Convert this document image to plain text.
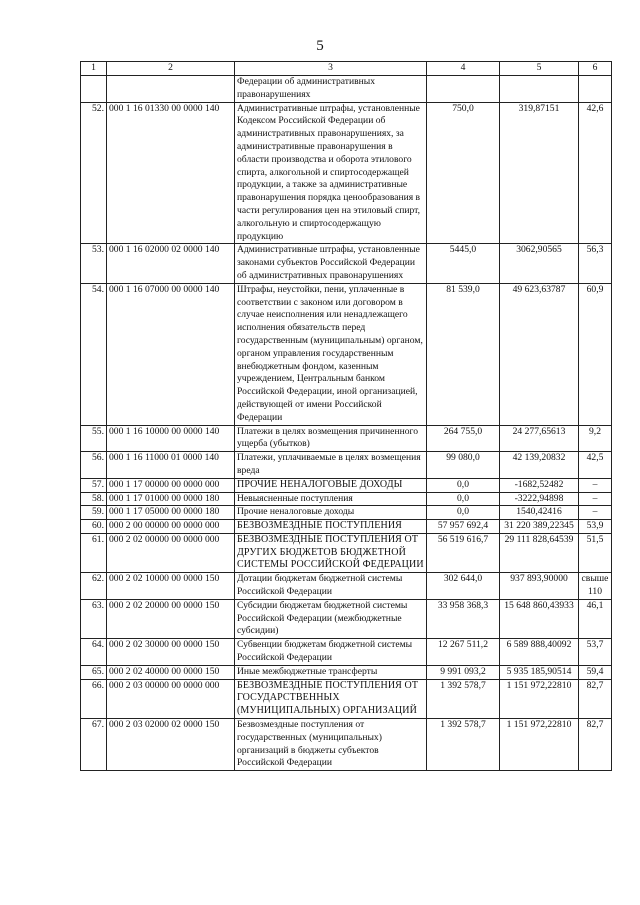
5
1	2	3	4	5	6
		Федерации об административных правонарушениях			
52.	000 1 16 01330 00 0000 140	Административные штрафы, установленные Кодексом Российской Федерации об административных правонарушениях, за административные правонарушения в области производства и оборота этилового спирта, алкогольной и спиртосодержащей продукции, а также за административные правонарушения порядка ценообразования в части регулирования цен на этиловый спирт, алкогольную и спиртосодержащую продукцию	750,0	319,87151	42,6
53.	000 1 16 02000 02 0000 140	Административные штрафы, установленные законами субъектов Российской Федерации об административных правонарушениях	5445,0	3062,90565	56,3
54.	000 1 16 07000 00 0000 140	Штрафы, неустойки, пени, уплаченные в соответствии с законом или договором в случае неисполнения или ненадлежащего исполнения обязательств перед государственным (муниципальным) органом, органом управления государственным внебюджетным фондом, казенным учреждением, Центральным банком Российской Федерации, иной организацией, действующей от имени Российской Федерации	81 539,0	49 623,63787	60,9
55.	000 1 16 10000 00 0000 140	Платежи в целях возмещения причиненного ущерба (убытков)	264 755,0	24 277,65613	9,2
56.	000 1 16 11000 01 0000 140	Платежи, уплачиваемые в целях возмещения вреда	99 080,0	42 139,20832	42,5
57.	000 1 17 00000 00 0000 000	ПРОЧИЕ НЕНАЛОГОВЫЕ ДОХОДЫ	0,0	-1682,52482	–
58.	000 1 17 01000 00 0000 180	Невыясненные поступления	0,0	-3222,94898	–
59.	000 1 17 05000 00 0000 180	Прочие неналоговые доходы	0,0	1540,42416	–
60.	000 2 00 00000 00 0000 000	БЕЗВОЗМЕЗДНЫЕ ПОСТУПЛЕНИЯ	57 957 692,4	31 220 389,22345	53,9
61.	000 2 02 00000 00 0000 000	БЕЗВОЗМЕЗДНЫЕ ПОСТУПЛЕНИЯ ОТ ДРУГИХ БЮДЖЕТОВ БЮДЖЕТНОЙ СИСТЕМЫ РОССИЙСКОЙ ФЕДЕРАЦИИ	56 519 616,7	29 111 828,64539	51,5
62.	000 2 02 10000 00 0000 150	Дотации бюджетам бюджетной системы Российской Федерации	302 644,0	937 893,90000	свыше 110
63.	000 2 02 20000 00 0000 150	Субсидии бюджетам бюджетной системы Российской Федерации (межбюджетные субсидии)	33 958 368,3	15 648 860,43933	46,1
64.	000 2 02 30000 00 0000 150	Субвенции бюджетам бюджетной системы Российской Федерации	12 267 511,2	6 589 888,40092	53,7
65.	000 2 02 40000 00 0000 150	Иные межбюджетные трансферты	9 991 093,2	5 935 185,90514	59,4
66.	000 2 03 00000 00 0000 000	БЕЗВОЗМЕЗДНЫЕ ПОСТУПЛЕНИЯ ОТ ГОСУДАРСТВЕННЫХ (МУНИЦИПАЛЬНЫХ) ОРГАНИЗАЦИЙ	1 392 578,7	1 151 972,22810	82,7
67.	000 2 03 02000 02 0000 150	Безвозмездные поступления от государственных (муниципальных) организаций в бюджеты субъектов Российской Федерации	1 392 578,7	1 151 972,22810	82,7
